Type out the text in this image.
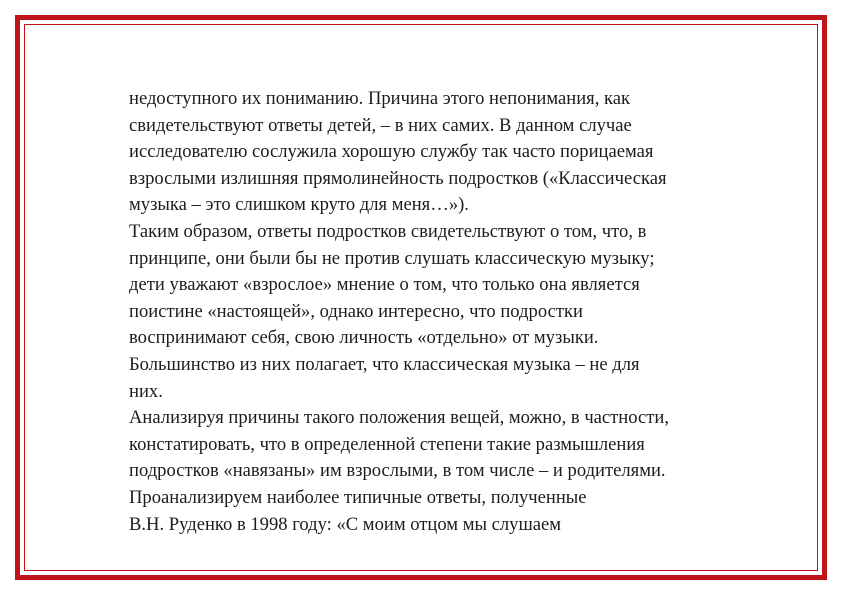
недоступного их пониманию. Причина этого непонимания, как
свидетельствуют ответы детей, – в них самих. В данном случае
исследователю сослужила хорошую службу так часто порицаемая
взрослыми излишняя прямолинейность подростков («Классическая
музыка – это слишком круто для меня…»).
Таким образом, ответы подростков свидетельствуют о том, что, в
принципе, они были бы не против слушать классическую музыку;
дети уважают «взрослое» мнение о том, что только она является
поистине «настоящей», однако интересно, что подростки
воспринимают себя, свою личность «отдельно» от музыки.
Большинство из них полагает, что классическая музыка – не для
них.
Анализируя причины такого положения вещей, можно, в частности,
констатировать, что в определенной степени такие размышления
подростков «навязаны» им взрослыми, в том числе – и родителями.
Проанализируем наиболее типичные ответы, полученные
В.Н. Руденко в 1998 году: «С моим отцом мы слушаем
